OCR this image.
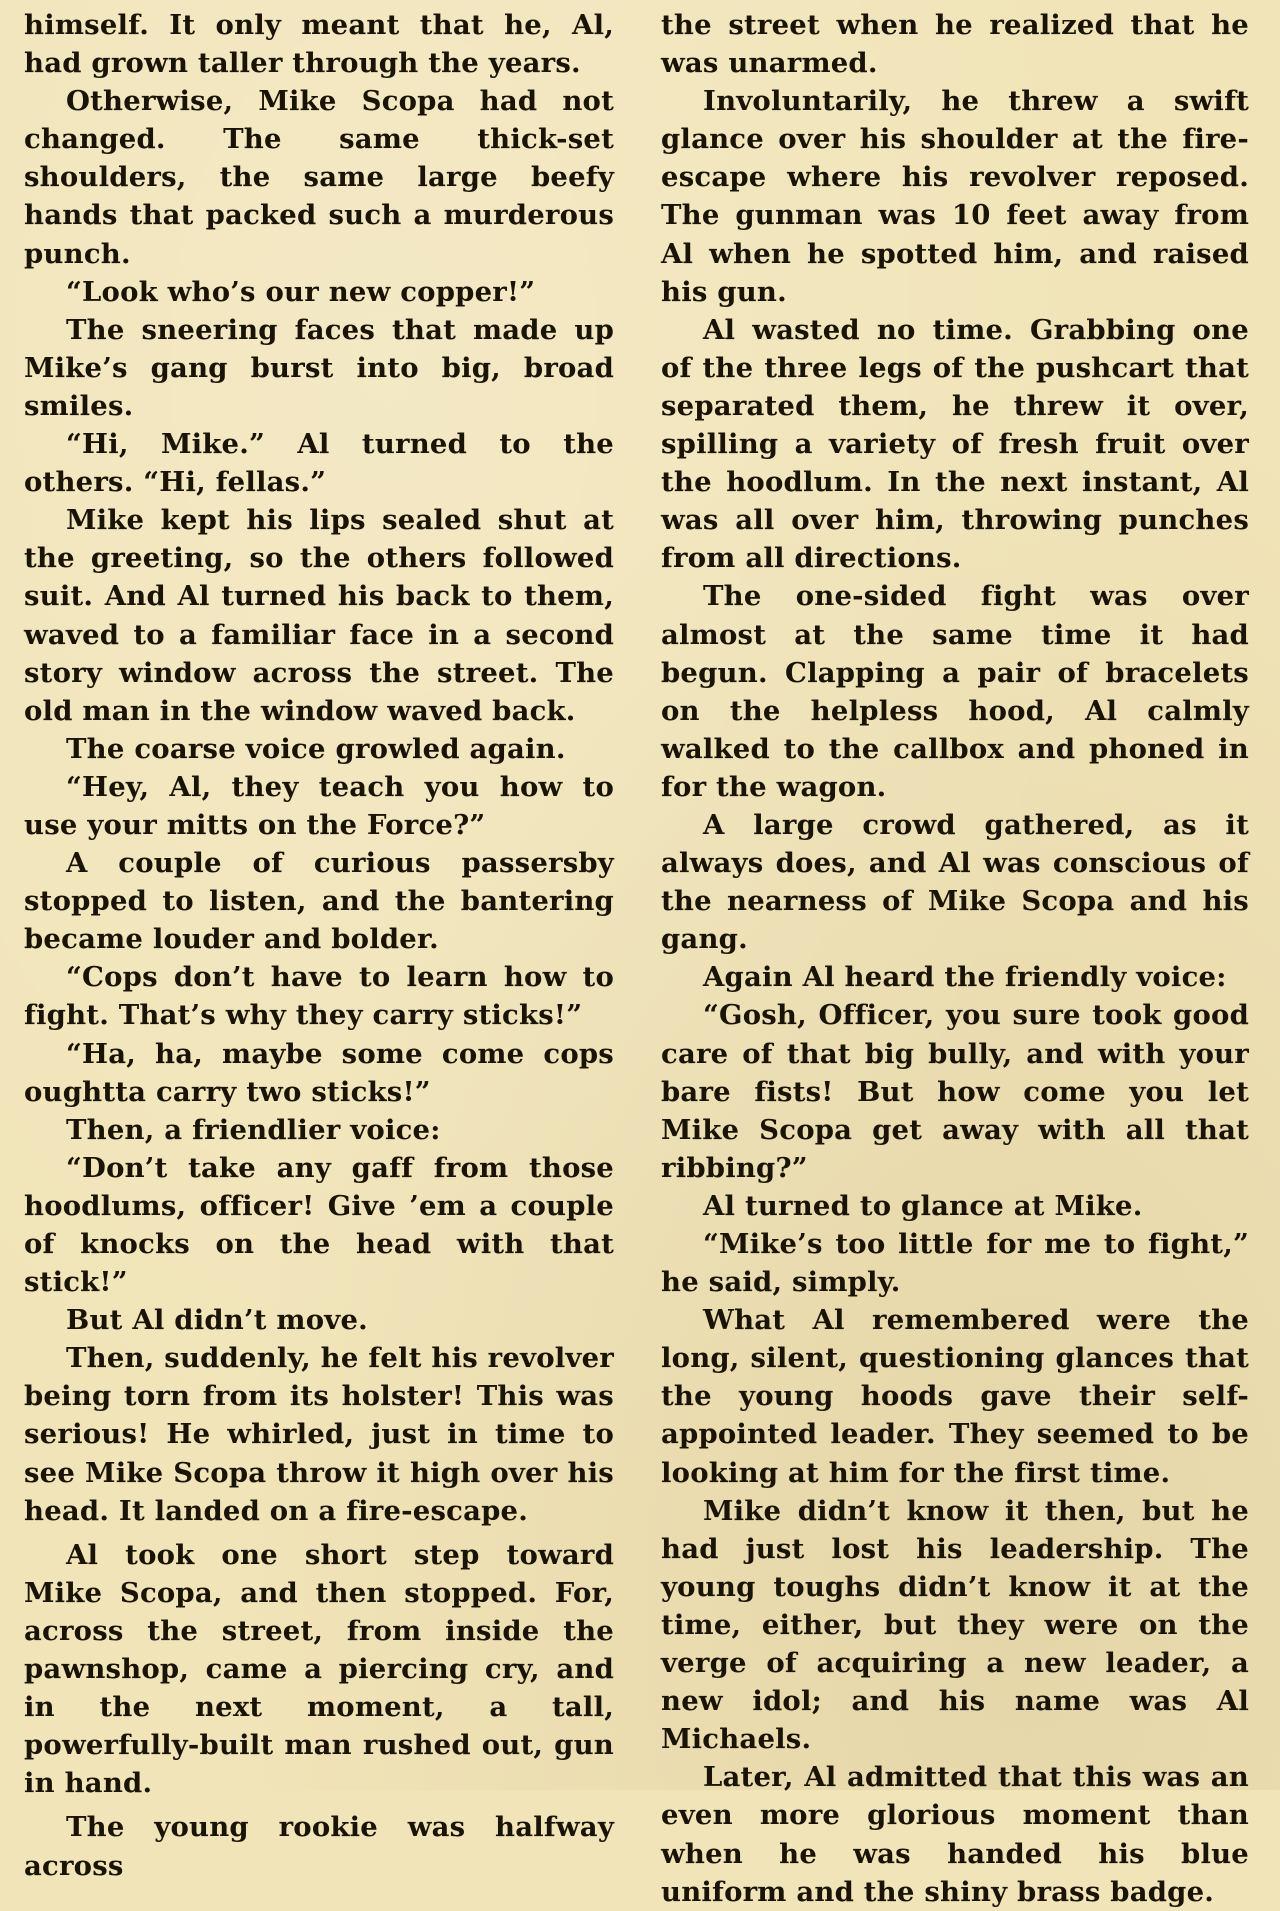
himself. It only meant that he, Al, had grown taller through the years.

Otherwise, Mike Scopa had not changed. The same thick-set shoulders, the same large beefy hands that packed such a murderous punch.

“Look who’s our new copper!”

The sneering faces that made up Mike’s gang burst into big, broad smiles.

“Hi, Mike.” Al turned to the others. “Hi, fellas.”

Mike kept his lips sealed shut at the greeting, so the others followed suit. And Al turned his back to them, waved to a familiar face in a second story window across the street. The old man in the window waved back.

The coarse voice growled again.

“Hey, Al, they teach you how to use your mitts on the Force?”

A couple of curious passersby stopped to listen, and the bantering became louder and bolder.

“Cops don’t have to learn how to fight. That’s why they carry sticks!”

“Ha, ha, maybe some come cops oughtta carry two sticks!”

Then, a friendlier voice:

“Don’t take any gaff from those hoodlums, officer! Give ’em a couple of knocks on the head with that stick!”

But Al didn’t move.

Then, suddenly, he felt his revolver being torn from its holster! This was serious! He whirled, just in time to see Mike Scopa throw it high over his head. It landed on a fire-escape.

Al took one short step toward Mike Scopa, and then stopped. For, across the street, from inside the pawnshop, came a piercing cry, and in the next moment, a tall, powerfully-built man rushed out, gun in hand.

The young rookie was halfway across

the street when he realized that he was unarmed.

Involuntarily, he threw a swift glance over his shoulder at the fire-escape where his revolver reposed. The gunman was 10 feet away from Al when he spotted him, and raised his gun.

Al wasted no time. Grabbing one of the three legs of the pushcart that separated them, he threw it over, spilling a variety of fresh fruit over the hoodlum. In the next instant, Al was all over him, throwing punches from all directions.

The one-sided fight was over almost at the same time it had begun. Clapping a pair of bracelets on the helpless hood, Al calmly walked to the callbox and phoned in for the wagon.

A large crowd gathered, as it always does, and Al was conscious of the nearness of Mike Scopa and his gang.

Again Al heard the friendly voice:

“Gosh, Officer, you sure took good care of that big bully, and with your bare fists! But how come you let Mike Scopa get away with all that ribbing?”

Al turned to glance at Mike.

“Mike’s too little for me to fight,” he said, simply.

What Al remembered were the long, silent, questioning glances that the young hoods gave their self-appointed leader. They seemed to be looking at him for the first time.

Mike didn’t know it then, but he had just lost his leadership. The young toughs didn’t know it at the time, either, but they were on the verge of acquiring a new leader, a new idol; and his name was Al Michaels.

Later, Al admitted that this was an even more glorious moment than when he was handed his blue uniform and the shiny brass badge.
